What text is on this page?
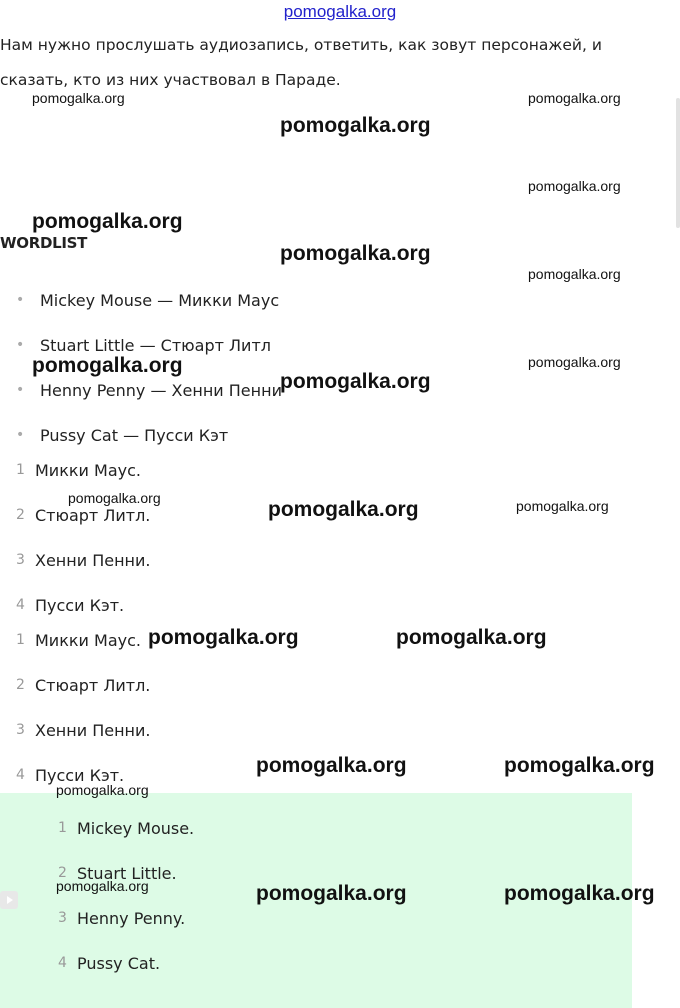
pomogalka.org

Нам нужно прослушать аудиозапись, ответить, как зовут персонажей, и сказать, кто из них участвовал в Параде.

WORDLIST
• Mickey Mouse — Микки Маус
• Stuart Little — Стюарт Литл
• Henny Penny — Хенни Пенни
• Pussy Cat — Пусси Кэт
1 Микки Маус.
2 Стюарт Литл.
3 Хенни Пенни.
4 Пусси Кэт.
1 Микки Маус.
2 Стюарт Литл.
3 Хенни Пенни.
4 Пусси Кэт.
1 Mickey Mouse.
2 Stuart Little.
3 Henny Penny.
4 Pussy Cat.
pomogalka.org	pomogalka.org
pomogalka.org
pomogalka.org
pomogalka.org
pomogalka.org
pomogalka.org
pomogalka.org	pomogalka.org
pomogalka.org
pomogalka.org	pomogalka.org	pomogalka.org
pomogalka.org	pomogalka.org
pomogalka.org	pomogalka.org
pomogalka.org
pomogalka.org	pomogalka.org	pomogalka.org
